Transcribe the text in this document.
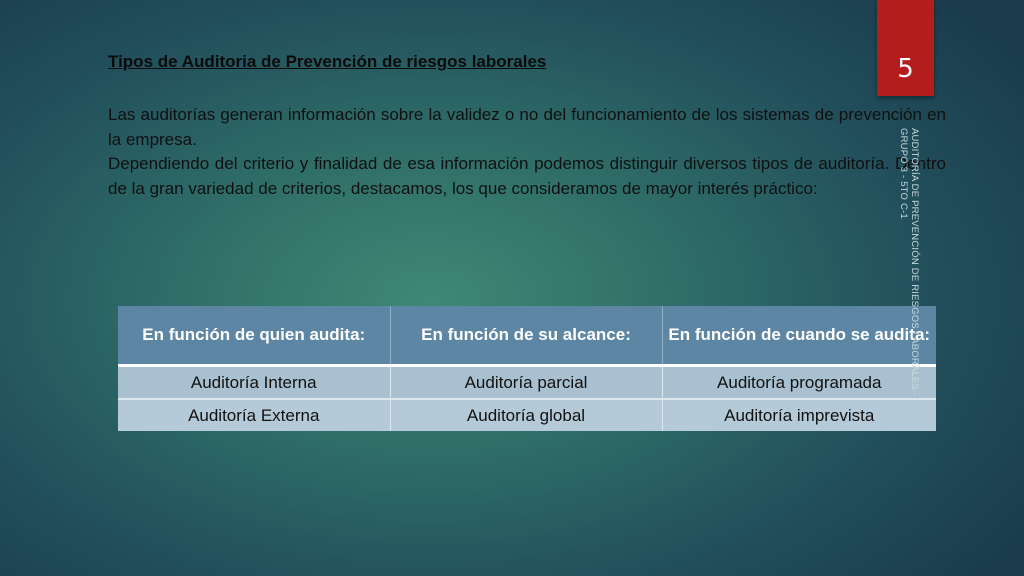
5
Tipos de Auditoria de Prevención de riesgos laborales

Las auditorías generan información sobre la validez o no del funcionamiento de los sistemas de prevención en la empresa.

Dependiendo del criterio y finalidad de esa información podemos distinguir diversos tipos de auditoría. Dentro de la gran variedad de criterios, destacamos, los que consideramos de mayor interés práctico:

En función de quien audita:	En función de su alcance:	En función de cuando se audita:
Auditoría Interna	Auditoría parcial	Auditoría programada
Auditoría Externa	Auditoría global	Auditoría imprevista
AUDITORÍA DE PREVENCIÓN DE RIESGOS LABORALES -
GRUPO 3 - 5TO C-1
